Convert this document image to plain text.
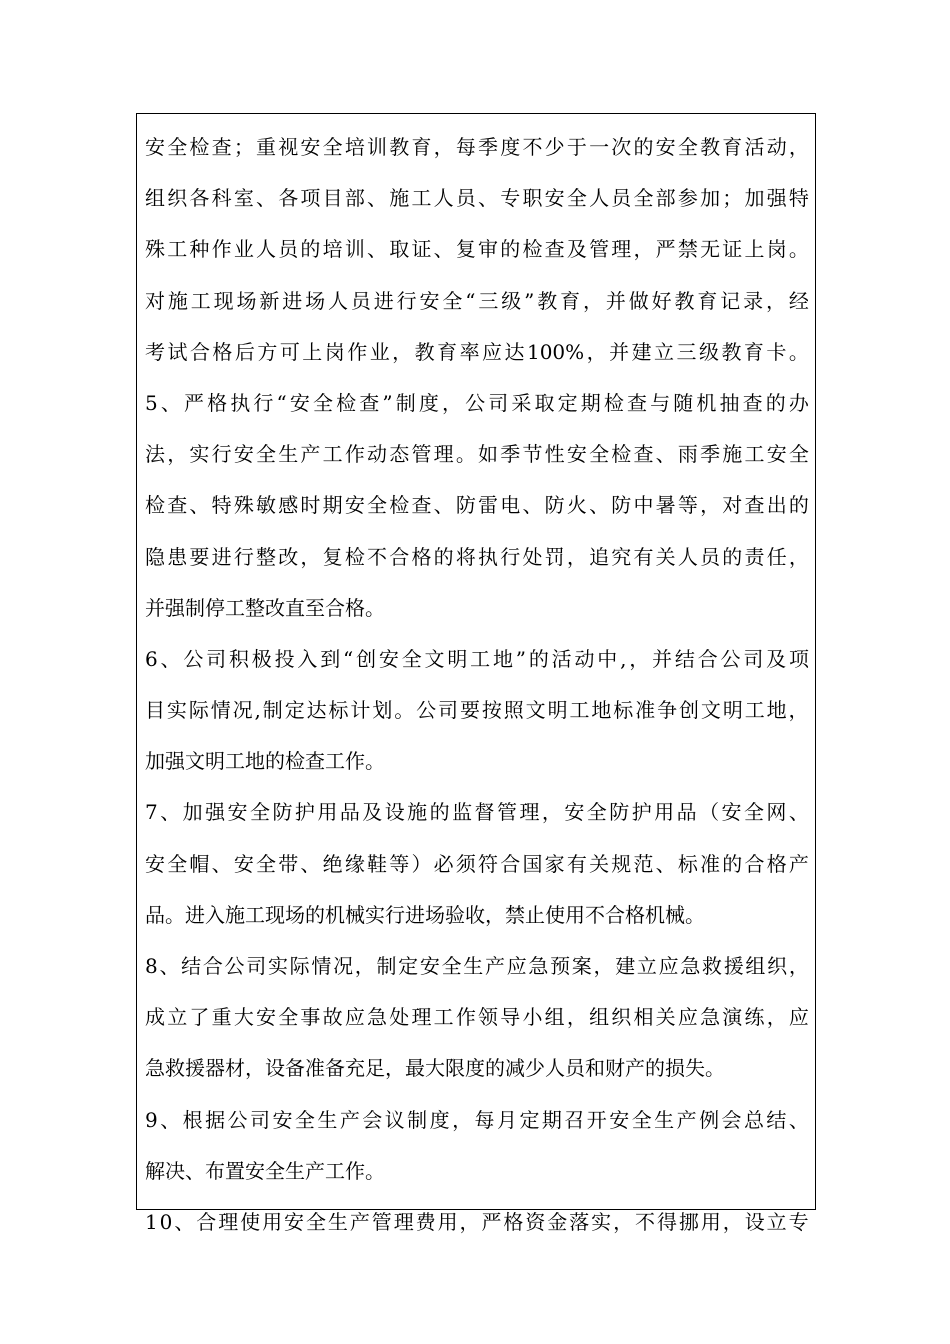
安 全 检 查 ； 重 视 安 全 培 训 教 育 ， 每 季 度 不 少 于 一 次 的 安 全 教 育 活 动 ，
组 织 各 科 室 、 各 项 目 部 、 施 工 人 员 、 专 职 安 全 人 员 全 部 参 加 ； 加 强 特
殊 工 种 作 业 人 员 的 培 训 、 取 证 、 复 审 的 检 查 及 管 理 ， 严 禁 无 证 上 岗 。
对 施 工 现 场 新 进 场 人 员 进 行 安 全 “ 三 级 ” 教 育 ， 并 做 好 教 育 记 录 ， 经
考 试 合 格 后 方 可 上 岗 作 业 ， 教 育 率 应 达 100% ， 并 建 立 三 级 教 育 卡 。
5 、 严 格 执 行 “ 安 全 检 查 ” 制 度 ， 公 司 采 取 定 期 检 查 与 随 机 抽 查 的 办
法 ， 实 行 安 全 生 产 工 作 动 态 管 理 。 如 季 节 性 安 全 检 查 、 雨 季 施 工 安 全
检 查 、 特 殊 敏 感 时 期 安 全 检 查 、 防 雷 电 、 防 火 、 防 中 暑 等 ， 对 查 出 的
隐 患 要 进 行 整 改 ， 复 检 不 合 格 的 将 执 行 处 罚 ， 追 究 有 关 人 员 的 责 任 ，
并强制停工整改直至合格。
6 、 公 司 积 极 投 入 到 “ 创 安 全 文 明 工 地 ” 的 活 动 中 , ， 并 结 合 公 司 及 项
目 实 际 情 况 , 制 定 达 标 计 划 。 公 司 要 按 照 文 明 工 地 标 准 争 创 文 明 工 地 ，
加强文明工地的检查工作。
7 、 加 强 安 全 防 护 用 品 及 设 施 的 监 督 管 理 ， 安 全 防 护 用 品 （ 安 全 网 、
安 全 帽 、 安 全 带 、 绝 缘 鞋 等 ） 必 须 符 合 国 家 有 关 规 范 、 标 准 的 合 格 产
品。进入施工现场的机械实行进场验收，禁止使用不合格机械。
8 、 结 合 公 司 实 际 情 况 ， 制 定 安 全 生 产 应 急 预 案 ， 建 立 应 急 救 援 组 织 ，
成 立 了 重 大 安 全 事 故 应 急 处 理 工 作 领 导 小 组 ， 组 织 相 关 应 急 演 练 ， 应
急救援器材，设备准备充足，最大限度的减少人员和财产的损失。
9 、 根 据 公 司 安 全 生 产 会 议 制 度 ， 每 月 定 期 召 开 安 全 生 产 例 会 总 结 、
解决、布置安全生产工作。
1 0 、 合 理 使 用 安 全 生 产 管 理 费 用 ， 严 格 资 金 落 实 ， 不 得 挪 用 ， 设 立 专
